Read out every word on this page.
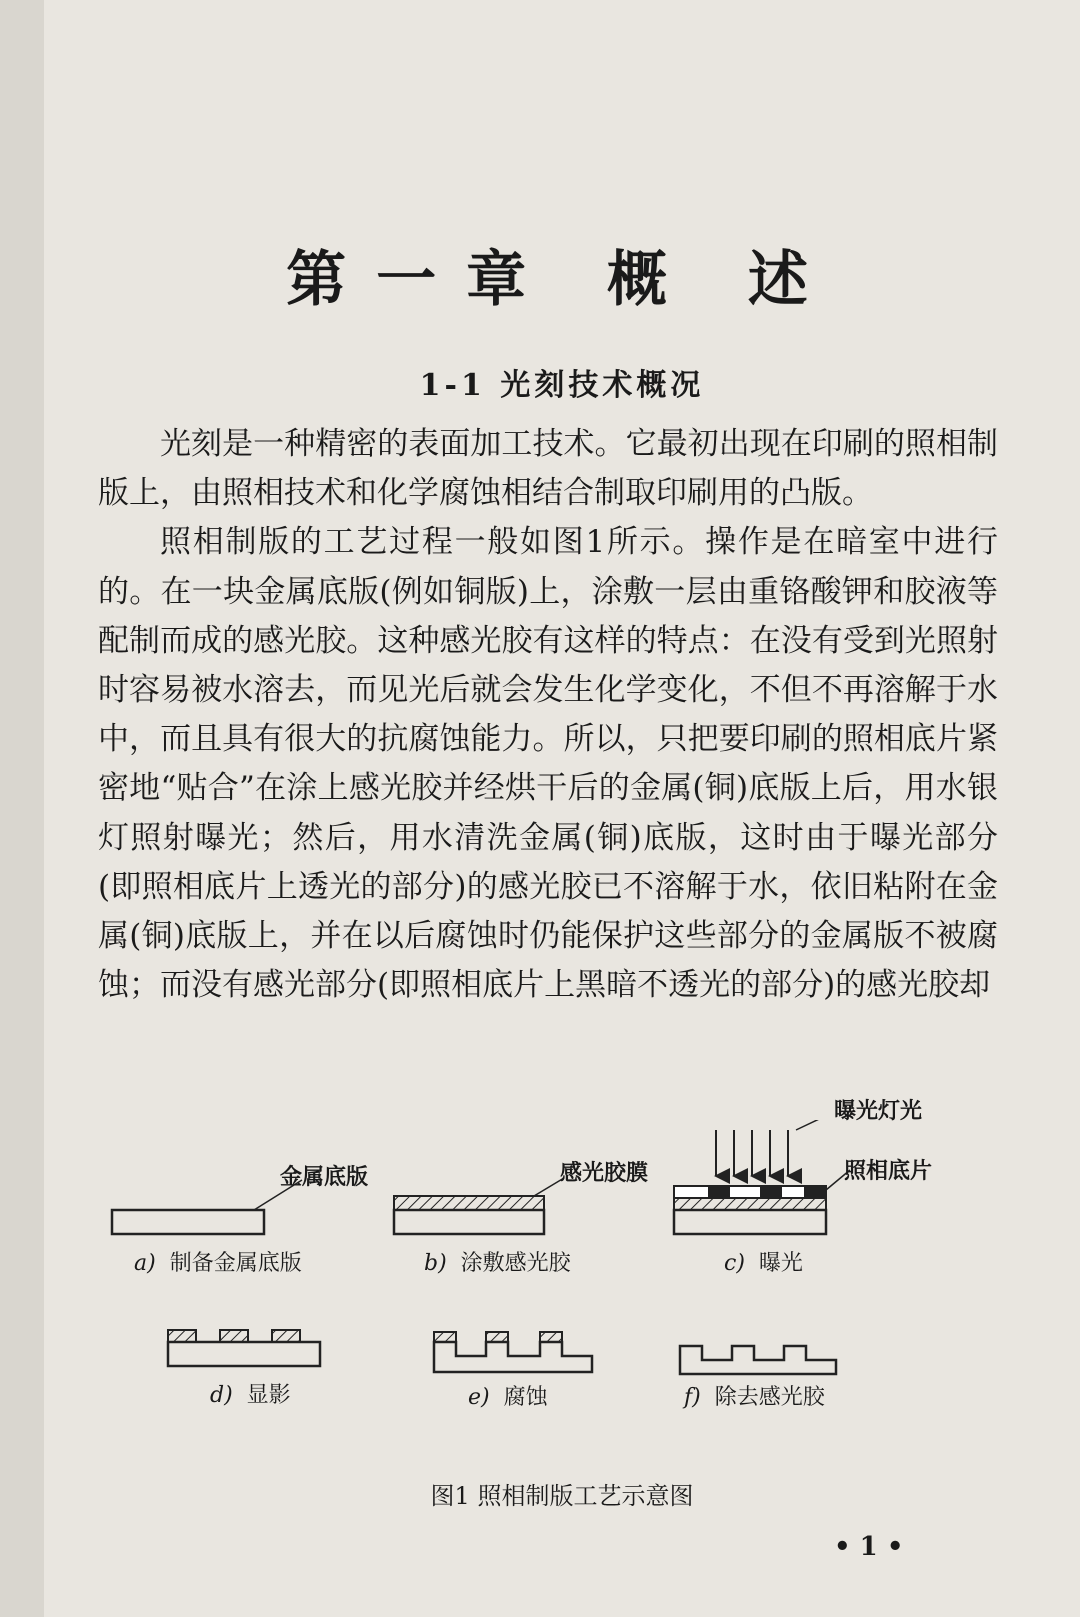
第一章 概 述
1-1 光刻技术概况

光刻是一种精密的表面加工技术。它最初出现在印刷的照相制版上，由照相技术和化学腐蚀相结合制取印刷用的凸版。

照相制版的工艺过程一般如图1所示。操作是在暗室中进行的。在一块金属底版(例如铜版)上，涂敷一层由重铬酸钾和胶液等配制而成的感光胶。这种感光胶有这样的特点：在没有受到光照射时容易被水溶去，而见光后就会发生化学变化，不但不再溶解于水中，而且具有很大的抗腐蚀能力。所以，只把要印刷的照相底片紧密地“贴合”在涂上感光胶并经烘干后的金属(铜)底版上后，用水银灯照射曝光；然后，用水清洗金属(铜)底版，这时由于曝光部分(即照相底片上透光的部分)的感光胶已不溶解于水，依旧粘附在金属(铜)底版上，并在以后腐蚀时仍能保护这些部分的金属版不被腐蚀；而没有感光部分(即照相底片上黑暗不透光的部分)的感光胶却

金属底版	感光胶膜
曝光灯光
照相底片
a) 制备金属底版	b) 涂敷感光胶	c) 曝光
d) 显影	e) 腐蚀	f) 除去感光胶
图1 照相制版工艺示意图
• 1 •
